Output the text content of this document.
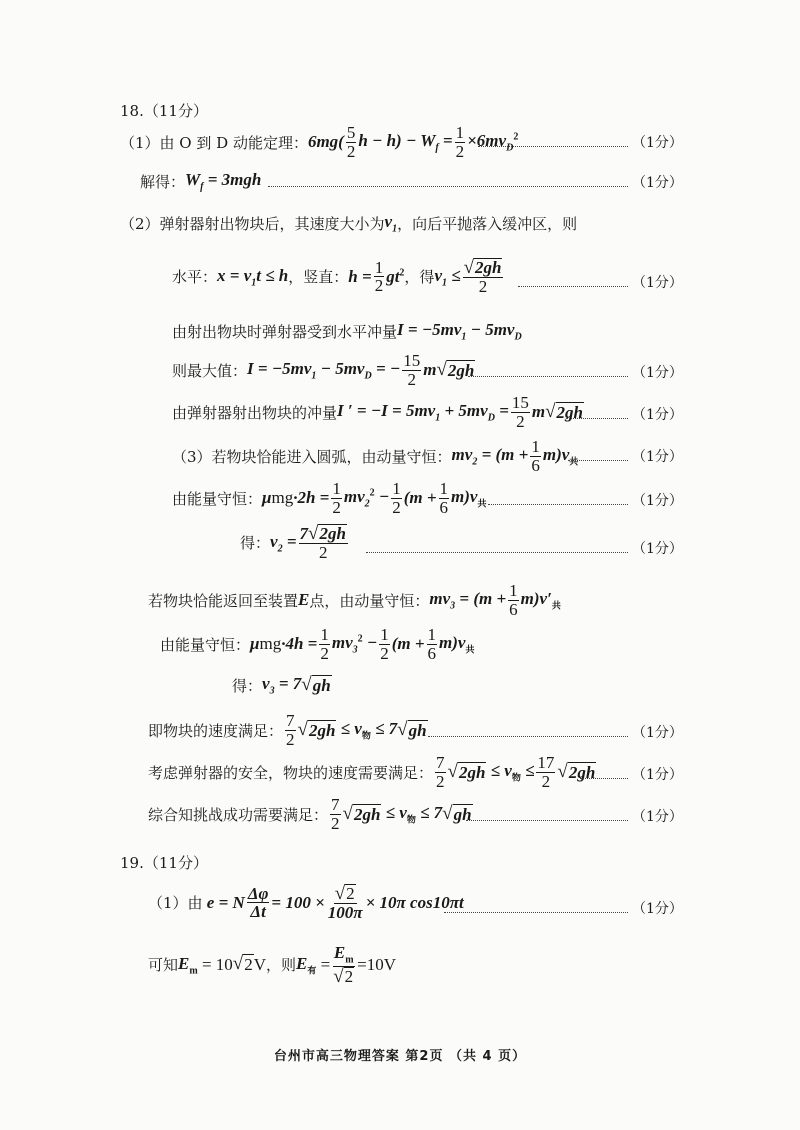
18.（11分）
（1）由 O 到 D 动能定理： $6mg( \frac{5}{2}$ $h - h) - W_f = \frac{1}{2} \times 6mv_D^2$	（1分）
解得： $W_f = 3mgh$	（1分）
（2）弹射器射出物块后，其速度大小为 $v_1$ ，向后平抛落入缓冲区，则
水平： $x = v_1t \le h$ ，竖直： $h = \frac{1}{2} gt^2$ ，得 $v_1 \le \frac{√ 2gh}{2}$	（1分）
由射出物块时弹射器受到水平冲量 $I = -5mv_1 - 5mv_D$
则最大值： $I = -5mv_1 - 5mv_D$ = − $\frac{15}{2}$ m √ 2gh	（1分）
由弹射器射出物块的冲量 I ′ = $-I = 5mv_1 + 5mv_D = \frac{15}{2}$ m √ 2gh	（1分）
（3）若物块恰能进入圆弧，由动量守恒： $mv_2 = (m + \frac{1}{6} m)v_共$	（1分）
由能量守恒： μ mg $\cdot 2h = \frac{1}{2} mv_2^2 - \frac{1}{2} (m + \frac{1}{6} m)v_共$	（1分）
得： $v_2 = \frac{7 √ 2gh}{2}$	（1分）
若物块恰能返回至装置 E 点，由动量守恒： $mv_3 = (m + \frac{1}{6} m)v'_共$
由能量守恒： μ mg $\cdot 4h = \frac{1}{2} mv_3^2 - \frac{1}{2} (m + \frac{1}{6} m)v_共$
得： $v_3 = 7$ √ gh
即物块的速度满足： $\frac{7}{2}$ √ $2gh \le v_物 \le 7$ √ gh	（1分）
考虑弹射器的安全，物块的速度需要满足： $\frac{7}{2}$ √ $2gh \le v_物 \le \frac{17}{2}$ √ 2gh	（1分）
综合知挑战成功需要满足： $\frac{7}{2}$ √ $2gh \le v_物 \le 7$ √ gh	（1分）
19.（11分）
（1）由 e = N $\frac{\Delta\varphi}{\Delta t} = 100 \times \frac{√ 2}{100\pi} \times 10\pi$ cos10πt	（1分）
可知 $E_m = 10$ √ 2 V ，则 $E_有 = \frac{E_m}{√ 2} =10V$
台州市高三物理答案 第2页 （共 4 页）
